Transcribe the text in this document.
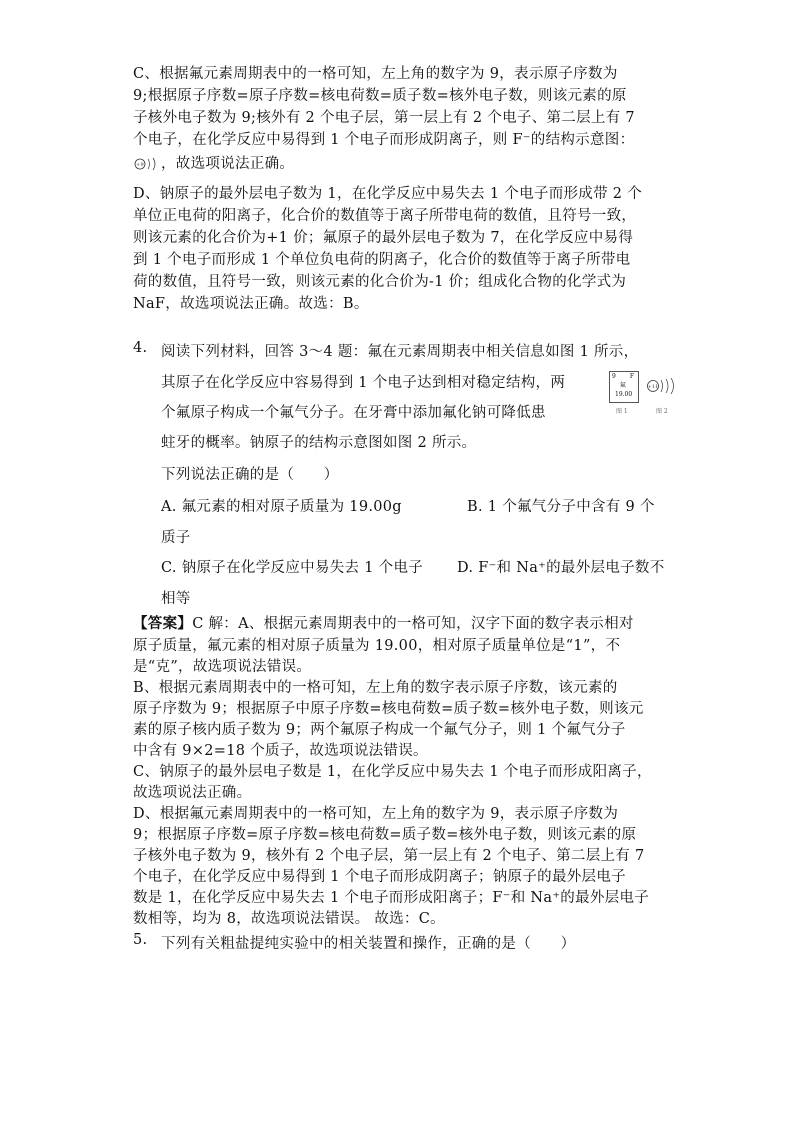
C、根据氟元素周期表中的一格可知，左上角的数字为 9，表示原子序数为
9;根据原子序数=原子序数=核电荷数=质子数=核外电子数，则该元素的原
子核外电子数为 9;核外有 2 个电子层，第一层上有 2 个电子、第二层上有 7
个电子，在化学反应中易得到 1 个电子而形成阴离子，则 F⁻的结构示意图：
+9 ，故选项说法正确。
D、钠原子的最外层电子数为 1，在化学反应中易失去 1 个电子而形成带 2 个
单位正电荷的阳离子，化合价的数值等于离子所带电荷的数值，且符号一致，
则该元素的化合价为+1 价；氟原子的最外层电子数为 7，在化学反应中易得
到 1 个电子而形成 1 个单位负电荷的阴离子，化合价的数值等于离子所带电
荷的数值，且符号一致，则该元素的化合价为-1 价；组成化合物的化学式为
NaF，故选项说法正确。故选：B。
4. 阅读下列材料，回答 3～4 题：氟在元素周期表中相关信息如图 1 所示，
其原子在化学反应中容易得到 1 个电子达到相对稳定结构，两
个氟原子构成一个氟气分子。在牙膏中添加氟化钠可降低患
蛀牙的概率。钠原子的结构示意图如图 2 所示。
下列说法正确的是（　　）
9 F
氟
19.00
图 1
+11
图 2
A. 氟元素的相对原子质量为 19.00g	B. 1 个氟气分子中含有 9 个
质子
C. 钠原子在化学反应中易失去 1 个电子 D. F⁻和 Na⁺的最外层电子数不
相等
【答案】C 解：A、根据元素周期表中的一格可知，汉字下面的数字表示相对
原子质量，氟元素的相对原子质量为 19.00，相对原子质量单位是“1”，不
是“克”，故选项说法错误。
B、根据元素周期表中的一格可知，左上角的数字表示原子序数，该元素的
原子序数为 9；根据原子中原子序数=核电荷数=质子数=核外电子数，则该元
素的原子核内质子数为 9；两个氟原子构成一个氟气分子，则 1 个氟气分子
中含有 9×2=18 个质子，故选项说法错误。
C、钠原子的最外层电子数是 1，在化学反应中易失去 1 个电子而形成阳离子，
故选项说法正确。
D、根据氟元素周期表中的一格可知，左上角的数字为 9，表示原子序数为
9；根据原子序数=原子序数=核电荷数=质子数=核外电子数，则该元素的原
子核外电子数为 9，核外有 2 个电子层，第一层上有 2 个电子、第二层上有 7
个电子，在化学反应中易得到 1 个电子而形成阴离子；钠原子的最外层电子
数是 1，在化学反应中易失去 1 个电子而形成阳离子；F⁻和 Na⁺的最外层电子
数相等，均为 8，故选项说法错误。 故选：C。
5. 下列有关粗盐提纯实验中的相关装置和操作，正确的是（　　）
